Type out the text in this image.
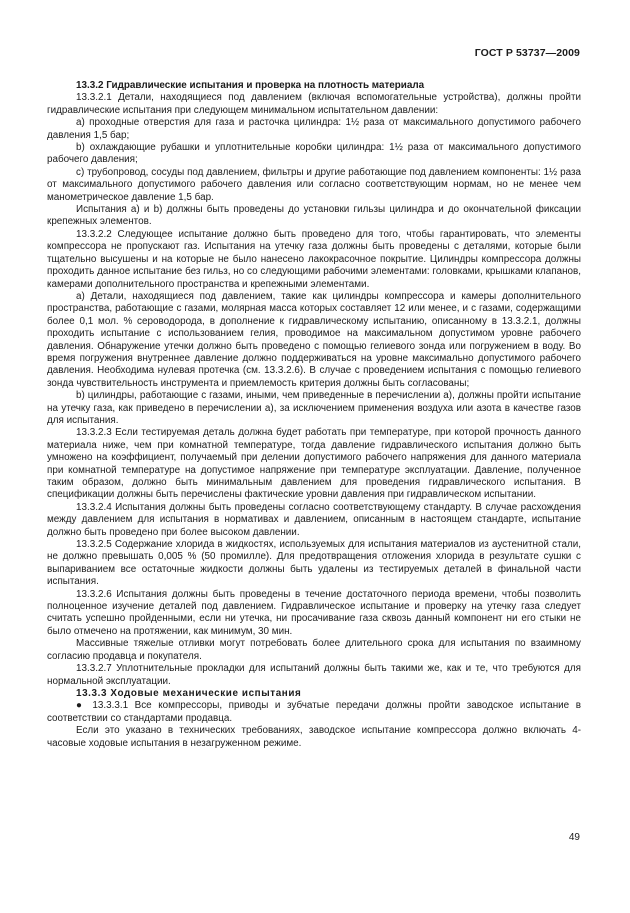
ГОСТ Р 53737—2009

13.3.2 Гидравлические испытания и проверка на плотность материала

13.3.2.1 Детали, находящиеся под давлением (включая вспомогательные устройства), должны пройти гидравлические испытания при следующем минимальном испытательном давлении:

a) проходные отверстия для газа и расточка цилиндра: 1½ раза от максимального допустимого рабочего давления 1,5 бар;

b) охлаждающие рубашки и уплотнительные коробки цилиндра: 1½ раза от максимального допустимого рабочего давления;

c) трубопровод, сосуды под давлением, фильтры и другие работающие под давлением компоненты: 1½ раза от максимального допустимого рабочего давления или согласно соответствующим нормам, но не менее чем манометрическое давление 1,5 бар.

Испытания a) и b) должны быть проведены до установки гильзы цилиндра и до окончательной фиксации крепежных элементов.

13.3.2.2 Следующее испытание должно быть проведено для того, чтобы гарантировать, что элементы компрессора не пропускают газ. Испытания на утечку газа должны быть проведены с деталями, которые были тщательно высушены и на которые не было нанесено лакокрасочное покрытие. Цилиндры компрессора должны проходить данное испытание без гильз, но со следующими рабочими элементами: головками, крышками клапанов, камерами дополнительного пространства и крепежными элементами.

a) Детали, находящиеся под давлением, такие как цилиндры компрессора и камеры дополнительного пространства, работающие с газами, молярная масса которых составляет 12 или менее, и с газами, содержащими более 0,1 мол. % сероводорода, в дополнение к гидравлическому испытанию, описанному в 13.3.2.1, должны проходить испытание с использованием гелия, проводимое на максимальном допустимом уровне рабочего давления. Обнаружение утечки должно быть проведено с помощью гелиевого зонда или погружением в воду. Во время погружения внутреннее давление должно поддерживаться на уровне максимально допустимого рабочего давления. Необходима нулевая протечка (см. 13.3.2.6). В случае с проведением испытания с помощью гелиевого зонда чувствительность инструмента и приемлемость критерия должны быть согласованы;

b) цилиндры, работающие с газами, иными, чем приведенные в перечислении a), должны пройти испытание на утечку газа, как приведено в перечислении a), за исключением применения воздуха или азота в качестве газов для испытания.

13.3.2.3 Если тестируемая деталь должна будет работать при температуре, при которой прочность данного материала ниже, чем при комнатной температуре, тогда давление гидравлического испытания должно быть умножено на коэффициент, получаемый при делении допустимого рабочего напряжения для данного материала при комнатной температуре на допустимое напряжение при температуре эксплуатации. Давление, полученное таким образом, должно быть минимальным давлением для проведения гидравлического испытания. В спецификации должны быть перечислены фактические уровни давления при гидравлическом испытании.

13.3.2.4 Испытания должны быть проведены согласно соответствующему стандарту. В случае расхождения между давлением для испытания в нормативах и давлением, описанным в настоящем стандарте, испытание должно быть проведено при более высоком давлении.

13.3.2.5 Содержание хлорида в жидкостях, используемых для испытания материалов из аустенитной стали, не должно превышать 0,005 % (50 промилле). Для предотвращения отложения хлорида в результате сушки с выпариванием все остаточные жидкости должны быть удалены из тестируемых деталей в финальной части испытания.

13.3.2.6 Испытания должны быть проведены в течение достаточного периода времени, чтобы позволить полноценное изучение деталей под давлением. Гидравлическое испытание и проверку на утечку газа следует считать успешно пройденными, если ни утечка, ни просачивание газа сквозь данный компонент ни его стыки не было отмечено на протяжении, как минимум, 30 мин.

Массивные тяжелые отливки могут потребовать более длительного срока для испытания по взаимному согласию продавца и покупателя.

13.3.2.7 Уплотнительные прокладки для испытаний должны быть такими же, как и те, что требуются для нормальной эксплуатации.

13.3.3 Ходовые механические испытания

● 13.3.3.1 Все компрессоры, приводы и зубчатые передачи должны пройти заводское испытание в соответствии со стандартами продавца.

Если это указано в технических требованиях, заводское испытание компрессора должно включать 4-часовые ходовые испытания в незагруженном режиме.

49
